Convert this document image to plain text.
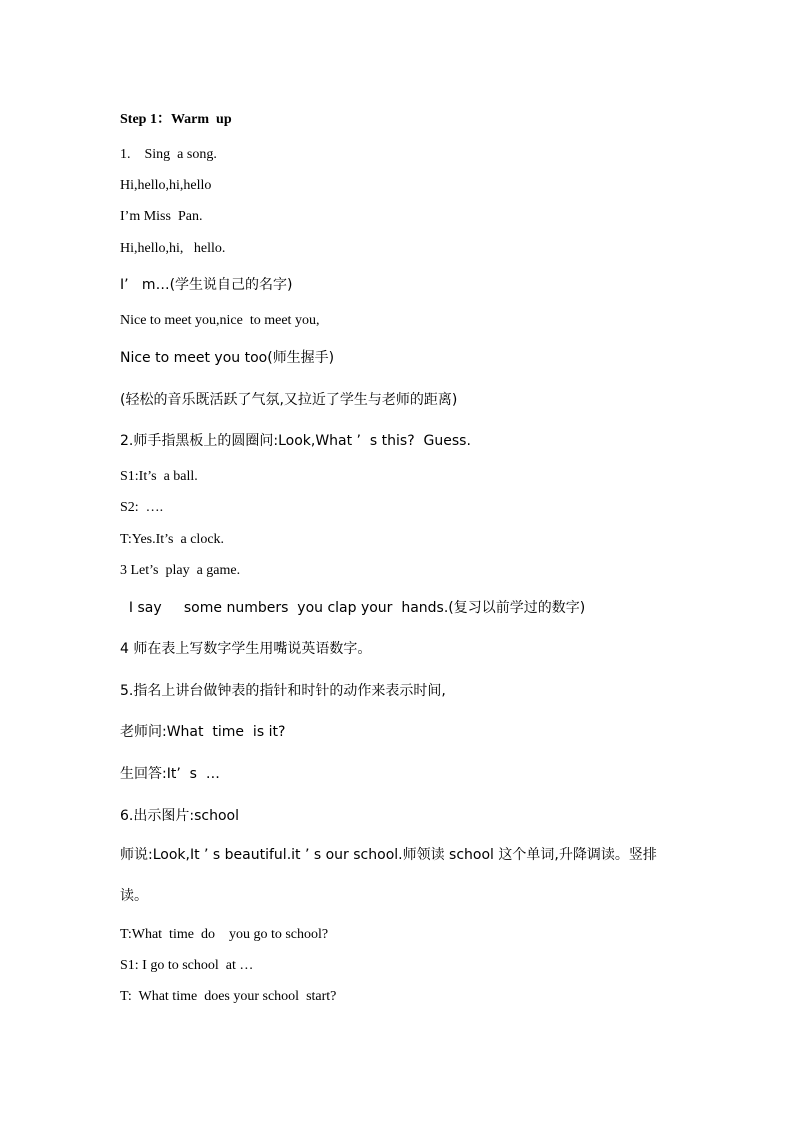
Step 1：Warm  up
1.    Sing  a song.
Hi,hello,hi,hello
I’m Miss  Pan.
Hi,hello,hi,   hello.
I’   m…(学生说自己的名字)
Nice to meet you,nice  to meet you,
Nice to meet you too(师生握手)
(轻松的音乐既活跃了气氛,又拉近了学生与老师的距离)
2.师手指黑板上的圆圈问:Look,What ’  s this?  Guess.
S1:It’s  a ball.
S2:  ….
T:Yes.It’s  a clock.
3 Let’s  play  a game.
I say     some numbers  you clap your  hands.(复习以前学过的数字)
4 师在表上写数字学生用嘴说英语数字。
5.指名上讲台做钟表的指针和时针的动作来表示时间,
老师问:What  time  is it?
生回答:It’  s  …
6.出示图片:school
师说:Look,It ’ s beautiful.it ’ s our school.师领读 school 这个单词,升降调读。竖排读。
T:What  time  do    you go to school?
S1: I go to school  at …
T:  What time  does your school  start?
